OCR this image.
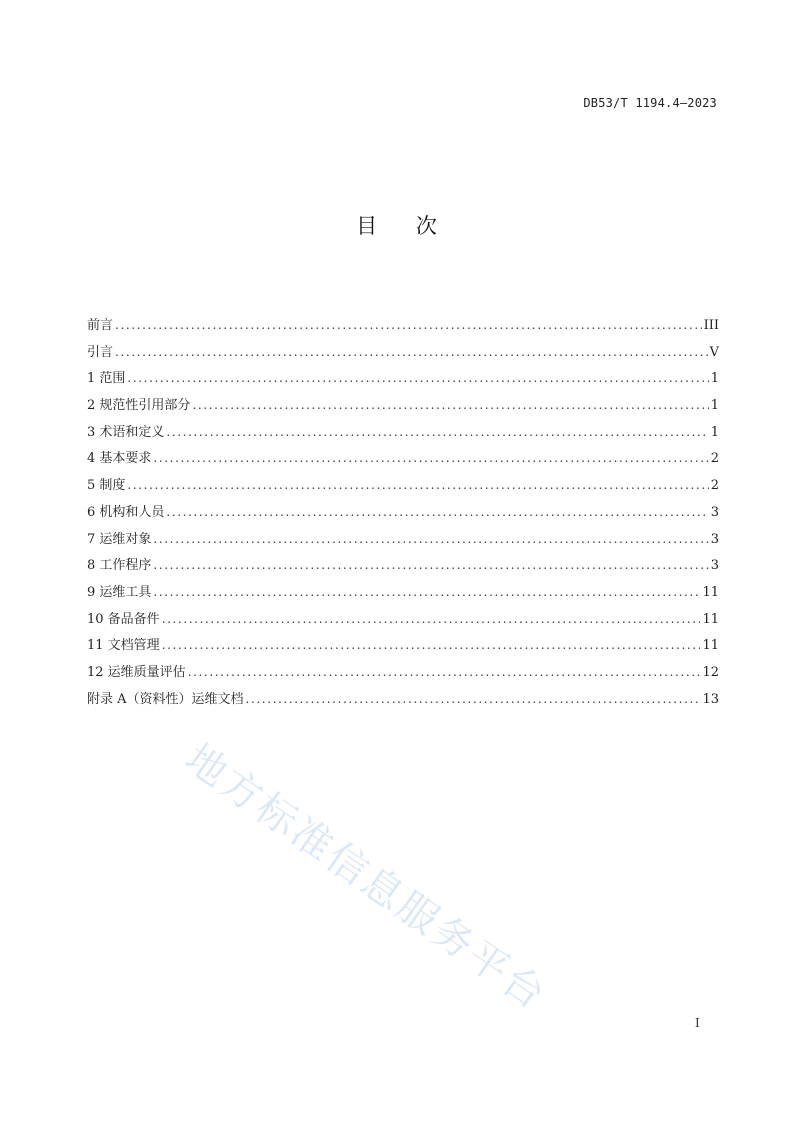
DB53/T 1194.4—2023
目 次
前言 .....	III
引言 .....	V
1 范围 .....	1
2 规范性引用部分 .....	1
3 术语和定义 .....	1
4 基本要求 .....	2
5 制度 .....	2
6 机构和人员 .....	3
7 运维对象 .....	3
8 工作程序 .....	3
9 运维工具 .....	11
10 备品备件 .....	11
11 文档管理 .....	11
12 运维质量评估 .....	12
附录 A（资料性）运维文档 .....	13
地方标准信息服务平台
I
